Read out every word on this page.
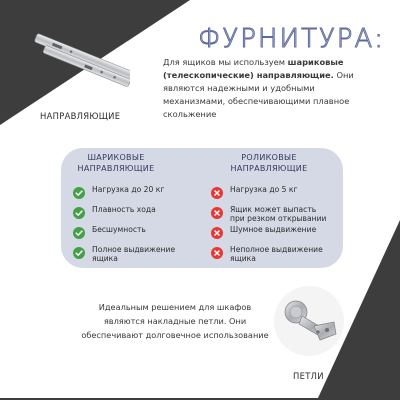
НАПРАВЛЯЮЩИЕ
ФУРНИТУРА:
Для ящиков мы используем шариковые (телескопические) направляющие. Они являются надежными и удобными механизмами, обеспечивающими плавное скольжение
ШАРИКОВЫЕ
НАПРАВЛЯЮЩИЕ
Нагрузка до 20 кг
Плавность хода
Бесшумность
Полное выдвижение ящика
РОЛИКОВЫЕ
НАПРАВЛЯЮЩИЕ
Нагрузка до 5 кг
Ящик может выпасть при резком открывании
Шумное выдвижение
Неполное выдвижение ящика
Идеальным решением для шкафов являются накладные петли. Они обеспечивают долговечное использование
ПЕТЛИ
